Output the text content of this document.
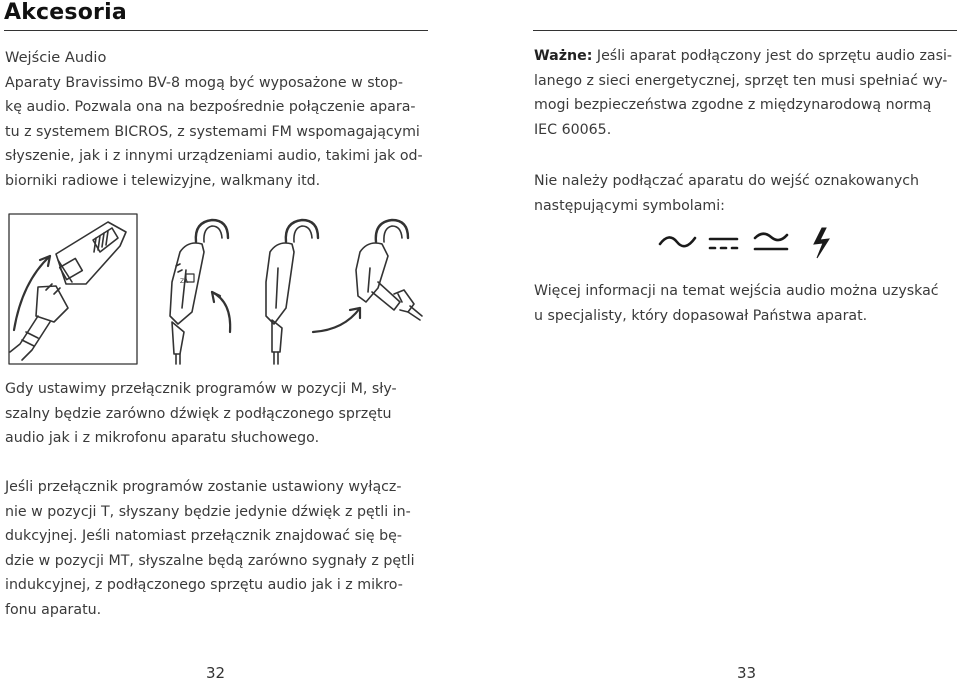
Akcesoria
Wejście Audio
Aparaty Bravissimo BV-8 mogą być wyposażone w stop-
kę audio. Pozwala ona na bezpośrednie połączenie apara-
tu z systemem BICROS, z systemami FM wspomagającymi
słyszenie, jak i z innymi urządzeniami audio, takimi jak od-
biorniki radiowe i telewizyjne, walkmany itd.
ZA
Gdy ustawimy przełącznik programów w pozycji M, sły-
szalny będzie zarówno dźwięk z podłączonego sprzętu
audio jak i z mikrofonu aparatu słuchowego.
Jeśli przełącznik programów zostanie ustawiony wyłącz-
nie w pozycji T, słyszany będzie jedynie dźwięk z pętli in-
dukcyjnej. Jeśli natomiast przełącznik znajdować się bę-
dzie w pozycji MT, słyszalne będą zarówno sygnały z pętli
indukcyjnej, z podłączonego sprzętu audio jak i z mikro-
fonu aparatu.
32
Ważne: Jeśli aparat podłączony jest do sprzętu audio zasi-
lanego z sieci energetycznej, sprzęt ten musi spełniać wy-
mogi bezpieczeństwa zgodne z międzynarodową normą
IEC 60065.
Nie należy podłączać aparatu do wejść oznakowanych
następującymi symbolami:
Więcej informacji na temat wejścia audio można uzyskać
u specjalisty, który dopasował Państwa aparat.
33
